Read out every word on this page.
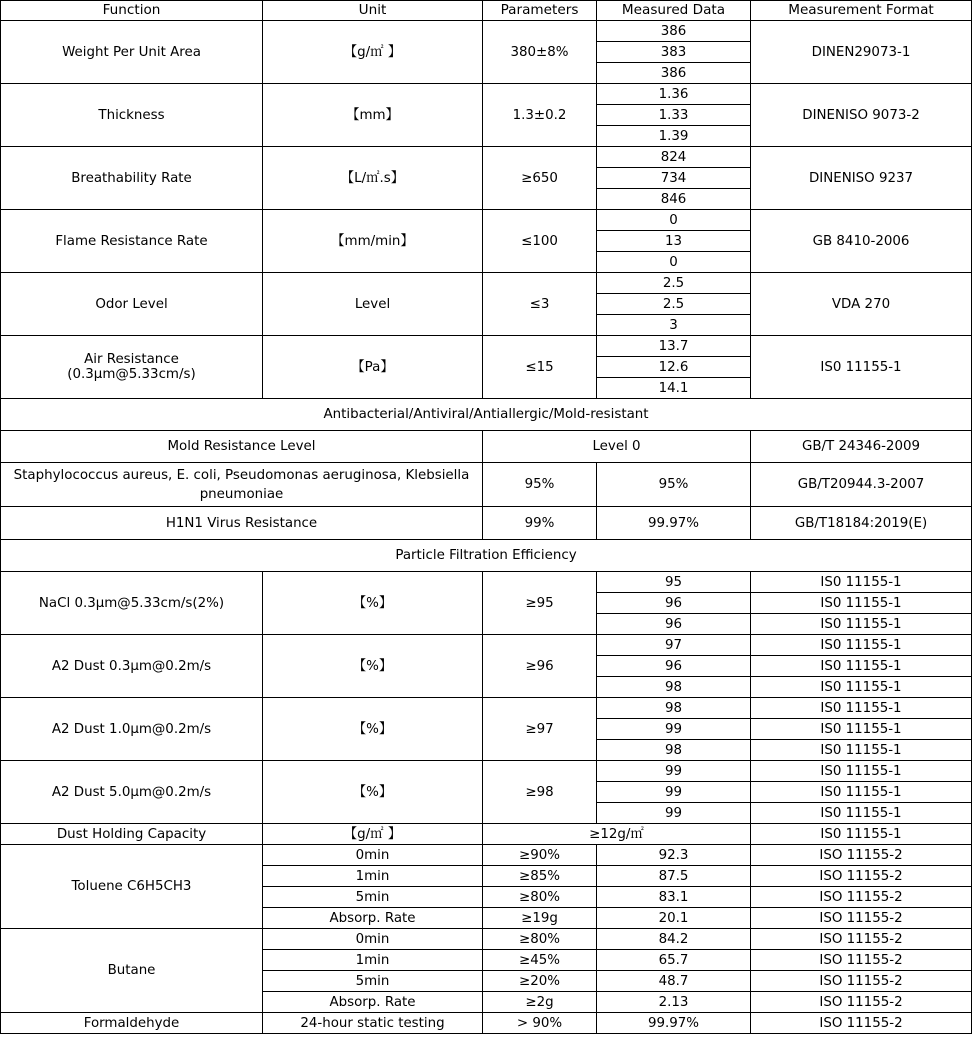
Function	Unit	Parameters	Measured Data	Measurement Format
Weight Per Unit Area	【g/㎡ 】	380±8%	386	DINEN29073-1
			383	
			386	
Thickness	【mm】	1.3±0.2	1.36	DINENISO 9073-2
			1.33	
			1.39	
Breathability Rate	【L/㎡.s】	≥650	824	DINENISO 9237
			734	
			846	
Flame Resistance Rate	【mm/min】	≤100	0	GB 8410-2006
			13	
			0	
Odor Level	Level	≤3	2.5	VDA 270
			2.5	
			3	

Air Resistance
(0.3μm@5.33cm/s)	【Pa】	≤15	13.7	IS0 11155-1
			12.6	
			14.1	
Antibacterial/Antiviral/Antiallergic/Mold-resistant				
Mold Resistance Level		Level 0		GB/T 24346-2009
Staphylococcus aureus, E. coli, Pseudomonas aeruginosa, Klebsiella pneumoniae		95%	95%	GB/T20944.3-2007
H1N1 Virus Resistance		99%	99.97%	GB/T18184:2019(E)
Particle Filtration Efficiency				
NaCl 0.3μm@5.33cm/s(2%)	【%】	≥95	95	IS0 11155-1
			96	IS0 11155-1
			96	IS0 11155-1
A2 Dust 0.3μm@0.2m/s	【%】	≥96	97	IS0 11155-1
			96	IS0 11155-1
			98	IS0 11155-1
A2 Dust 1.0μm@0.2m/s	【%】	≥97	98	IS0 11155-1
			99	IS0 11155-1
			98	IS0 11155-1
A2 Dust 5.0μm@0.2m/s	【%】	≥98	99	IS0 11155-1
			99	IS0 11155-1
			99	IS0 11155-1
Dust Holding Capacity	【g/㎡ 】	≥12g/㎡		IS0 11155-1
Toluene C6H5CH3	0min	≥90%	92.3	ISO 11155-2
	1min	≥85%	87.5	ISO 11155-2
	5min	≥80%	83.1	ISO 11155-2
	Absorp. Rate	≥19g	20.1	ISO 11155-2
Butane	0min	≥80%	84.2	ISO 11155-2
	1min	≥45%	65.7	ISO 11155-2
	5min	≥20%	48.7	ISO 11155-2
	Absorp. Rate	≥2g	2.13	ISO 11155-2
Formaldehyde	24-hour static testing	> 90%	99.97%	ISO 11155-2
